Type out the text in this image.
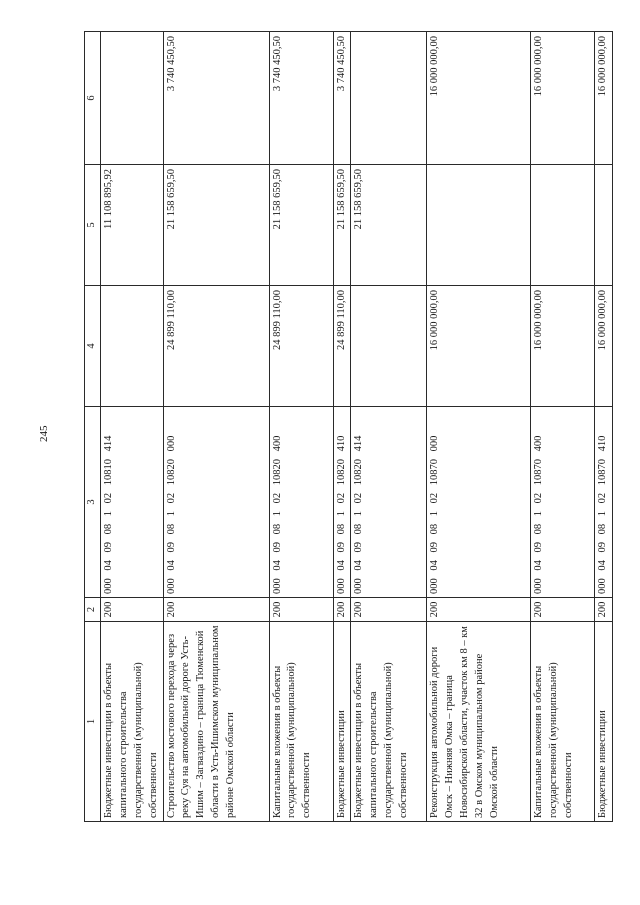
245
1	2	3	4	5	6
Бюджетные инвестиции в объекты капитального строительства государственной (муниципальной) собственности	200	000 04 09 08 1 02 10810 414		11 108 895,92	
Строительство мостового перехода через реку Суя на автомобильной дороге Усть-Ишим – Загваздино – граница Тюменской области в Усть-Ишимском муниципальном районе Омской области	200	000 04 09 08 1 02 10820 000	24 899 110,00	21 158 659,50	3 740 450,50
Капитальные вложения в объекты государственной (муниципальной) собственности	200	000 04 09 08 1 02 10820 400	24 899 110,00	21 158 659,50	3 740 450,50
Бюджетные инвестиции	200	000 04 09 08 1 02 10820 410	24 899 110,00	21 158 659,50	3 740 450,50
Бюджетные инвестиции в объекты капитального строительства государственной (муниципальной) собственности	200	000 04 09 08 1 02 10820 414		21 158 659,50	
Реконструкция автомобильной дороги Омск – Нижняя Омка – граница Новосибирской области, участок км 8 – км 32 в Омском муниципальном районе Омской области	200	000 04 09 08 1 02 10870 000	16 000 000,00		16 000 000,00
Капитальные вложения в объекты государственной (муниципальной) собственности	200	000 04 09 08 1 02 10870 400	16 000 000,00		16 000 000,00
Бюджетные инвестиции	200	000 04 09 08 1 02 10870 410	16 000 000,00		16 000 000,00
